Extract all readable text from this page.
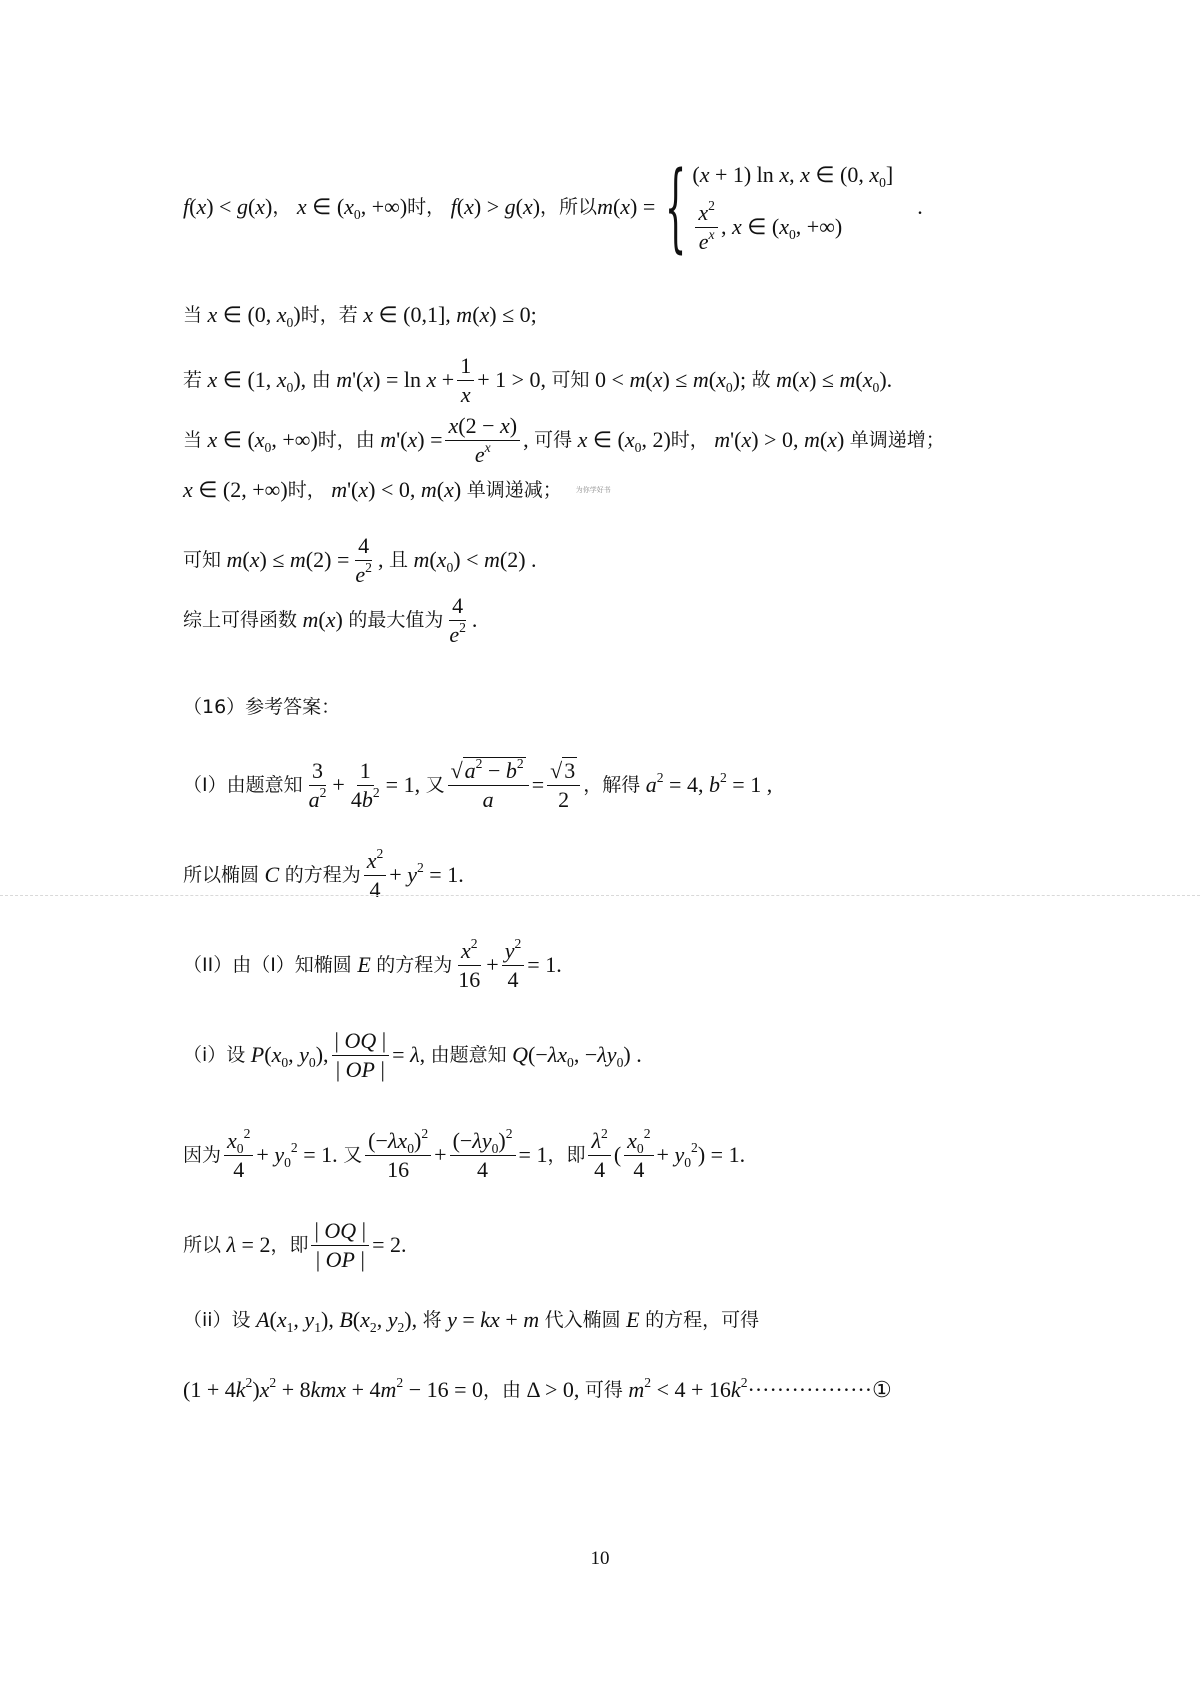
f(x) < g(x) ， x ∈ ($x_0$, +∞) 时， f(x) > g(x) ，所以 m(x) = { (x + 1) ln x, x ∈ (0, $x_0$]
$\frac{x^2}{e^x}$ , x ∈ ($x_0$, +∞)
.
当 x ∈ (0, $x_0$) 时，若 x ∈ (0,1], m(x) ≤ 0;
若 x ∈ (1, $x_0$), 由 $m'(x) = \ln x + \frac{1}{x} + 1 > 0$, 可知 $0 < m(x) \le m(x_0)$; 故 $m(x) \le m(x_0)$.
当 x ∈ ($x_0$, +∞) 时，由 $m'(x) = \frac{x(2 - x)}{e^x}$ , 可得 x ∈ ($x_0$, 2) 时， m'(x) > 0, m(x) 单调递增；
x ∈ (2, +∞) 时， m'(x) < 0, m(x) 单调递减； 为你学好书
可知 $m(x) \le m(2) = \frac{4}{e^2}$ , 且 $m(x_0) < m(2)$ .
综上可得函数 m(x) 的最大值为 $\frac{4}{e^2}$ .
（16）参考答案：
（I）由题意知 $\frac{3}{a^2} + \frac{1}{4b^2} = 1$, 又 $\frac{√a^2 - b^2}{a} = \frac{√3}{2}$ ，解得 $a^2 = 4$, $b^2 = 1$ ,
所以椭圆 C 的方程为 $\frac{x^2}{4} + y^2 = 1$.
（II）由（I）知椭圆 E 的方程为 $\frac{x^2}{16} + \frac{y^2}{4} = 1$.
（i）设 $P(x_0$, $y_0$), $\frac{| OQ |}{| OP |} = \lambda$, 由题意知 $Q(-\lambda x_0$, $-\lambda y_0$) .
因为 $\frac{x_0^2}{4} + y_0^2 = 1$. 又 $\frac{(-\lambda x_0)^2}{16} + \frac{(-\lambda y_0)^2}{4} = 1$ ，即 $\frac{\lambda^2}{4}$ ( $\frac{x_0^2}{4} + y_0^2) = 1$.
所以 λ = 2 ，即 $\frac{| OQ |}{| OP |} = 2$.
（ii）设 $A(x_1$, $y_1$), $B(x_2$, $y_2$), 将 y = kx + m 代入椭圆 E 的方程，可得
$(1 + 4k^2)x^2 + 8kmx + 4m^2 - 16 = 0$ ，由 Δ > 0, 可得 $m^2 < 4 + 16k^2$ ·················①
10
